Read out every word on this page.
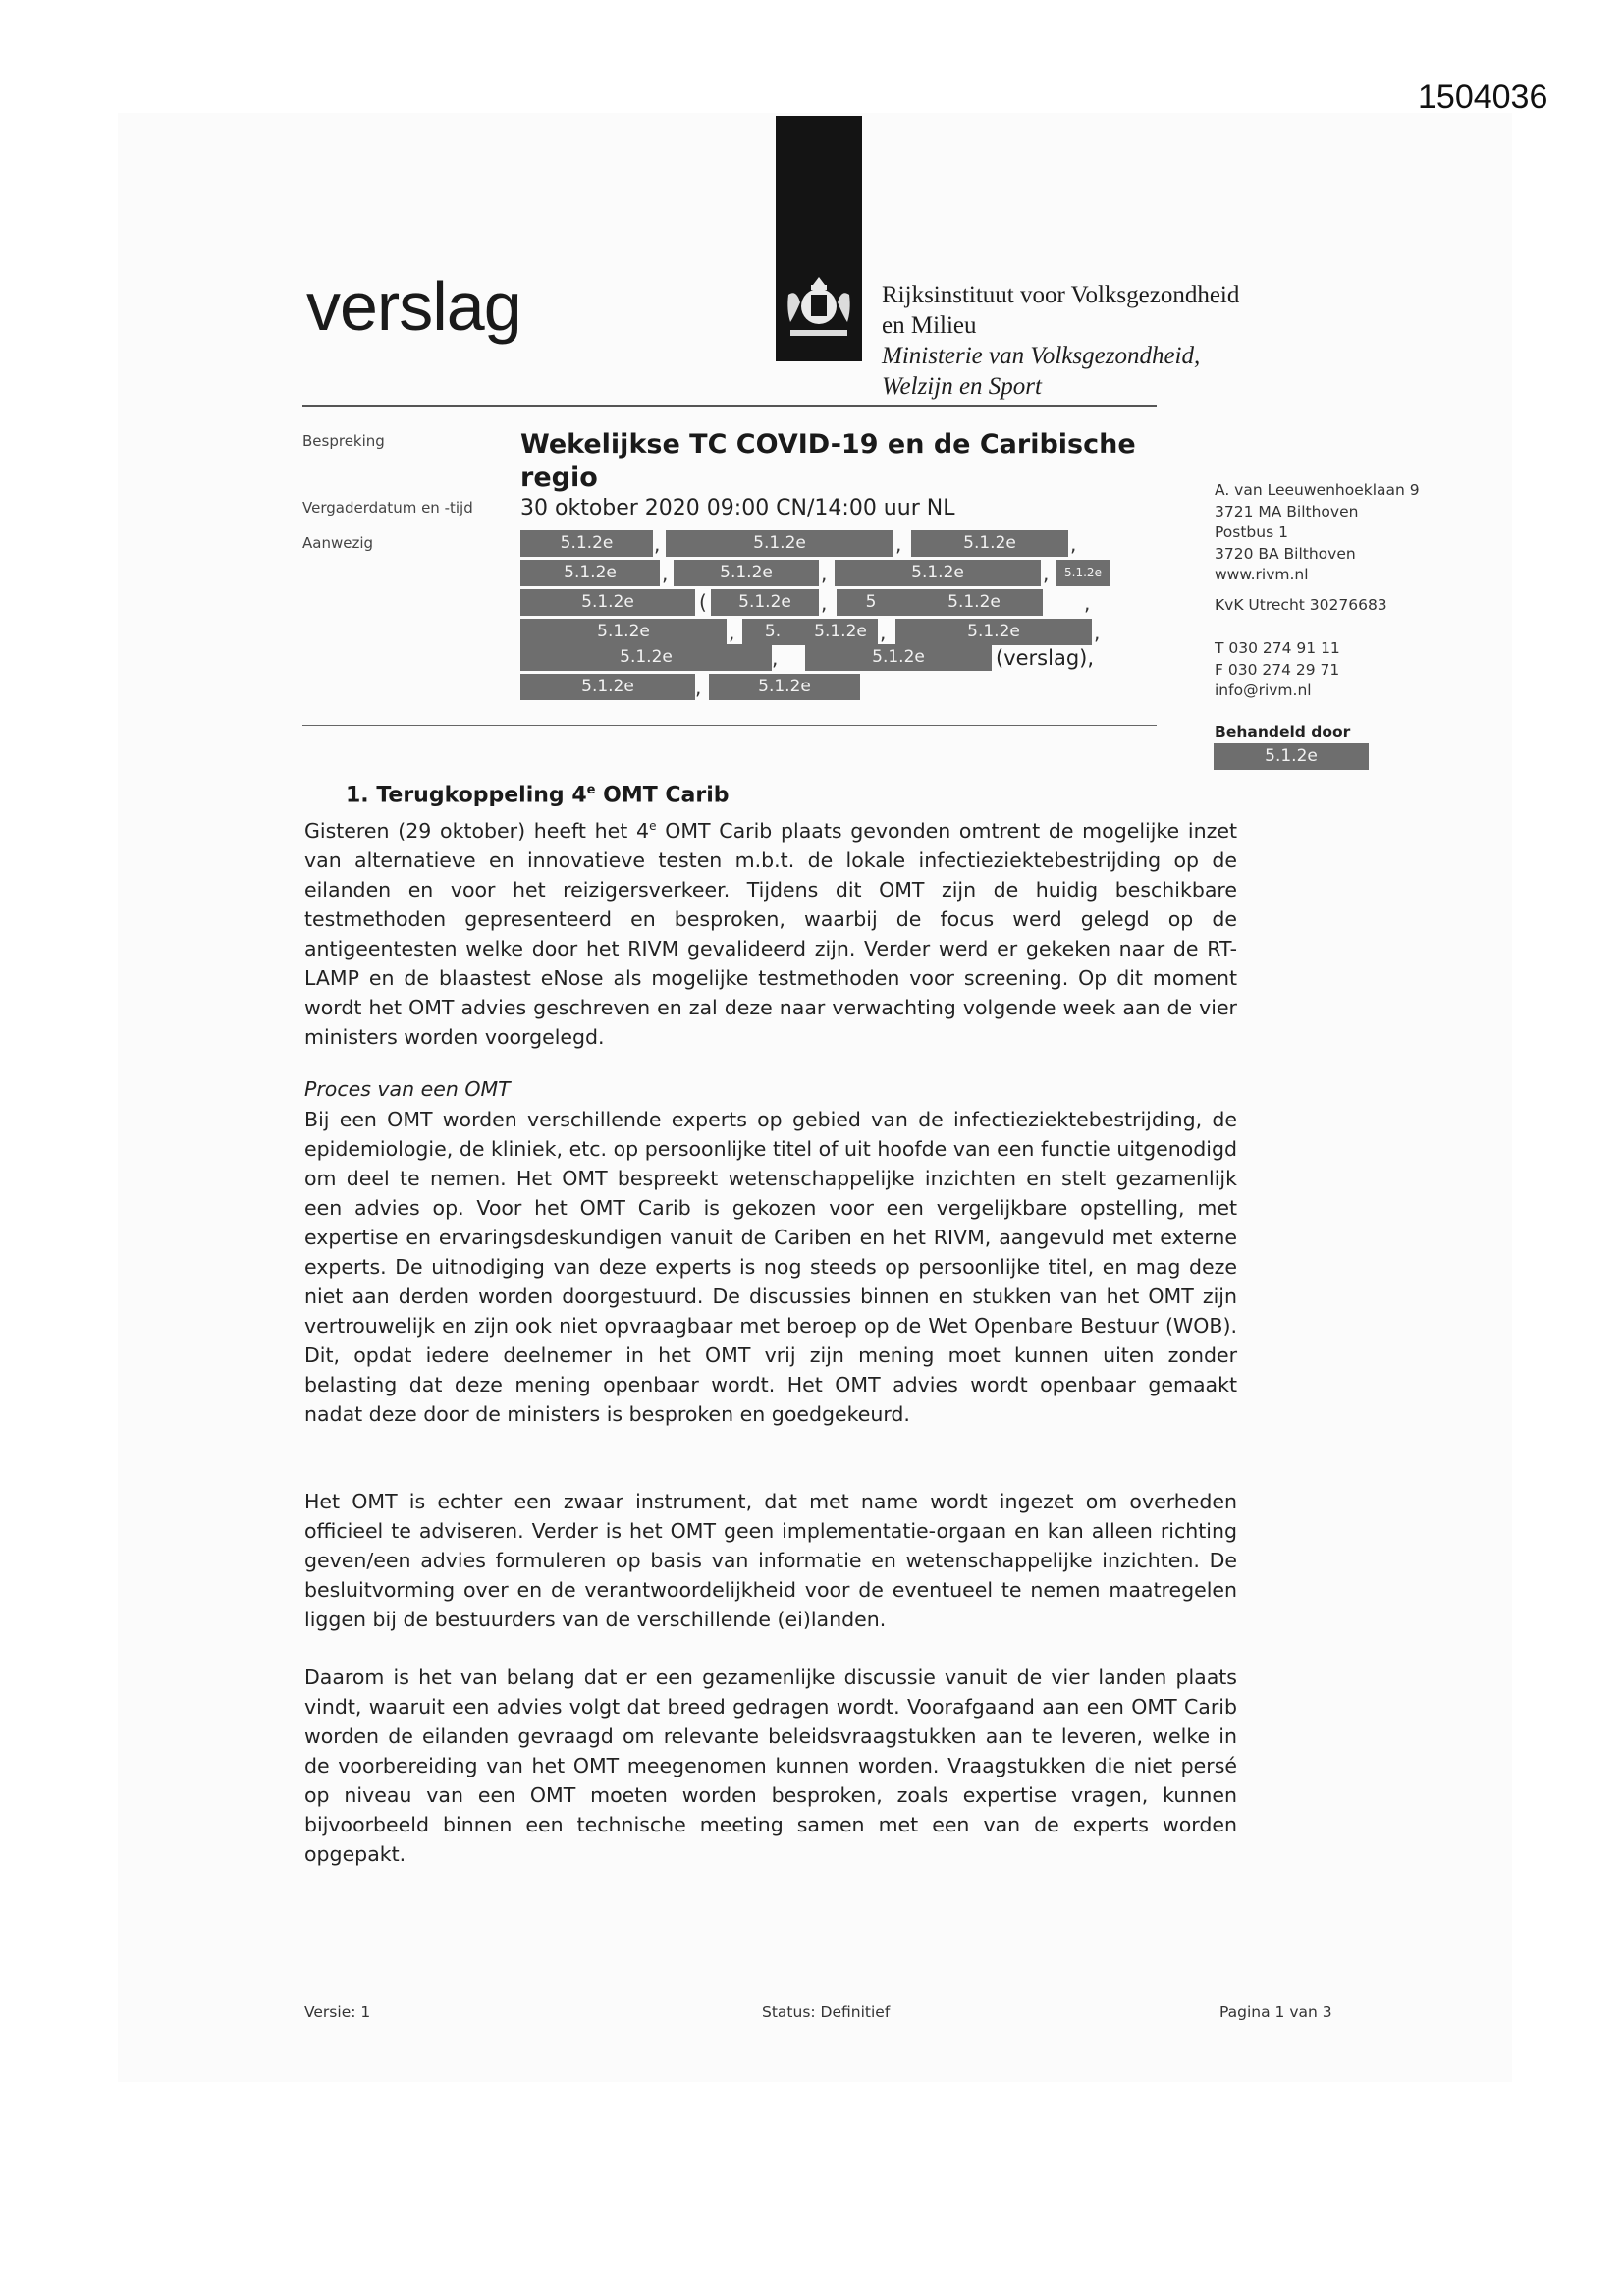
1504036
verslag	Rijksinstituut voor Volksgezondheid
en Milieu
Ministerie van Volksgezondheid,
Welzijn en Sport
Bespreking	Wekelijkse TC COVID-19 en de Caribische regio
Vergaderdatum en -tijd 30 oktober 2020 09:00 CN/14:00 uur NL
Aanwezig	5.1.2e	,	5.1.2e	,	5.1.2e	,
5.1.2e	,	5.1.2e	,	5.1.2e	,	5.1.2e
5.1.2e	(	5.1.2e	,	5	5.1.2e	,
5.1.2e	,	5.	5.1.2e ,	5.1.2e	,
5.1.2e	,	5.1.2e	(verslag),
5.1.2e	,	5.1.2e
A. van Leeuwenhoeklaan 9
3721 MA Bilthoven
Postbus 1
3720 BA Bilthoven
www.rivm.nl
KvK Utrecht 30276683
T 030 274 91 11
F 030 274 29 71
info@rivm.nl
Behandeld door
5.1.2e
1. Terugkoppeling 4e OMT Carib
Gisteren (29 oktober) heeft het 4e OMT Carib plaats gevonden omtrent de mogelijke inzet van alternatieve en innovatieve testen m.b.t. de lokale infectieziektebestrijding op de eilanden en voor het reizigersverkeer. Tijdens dit OMT zijn de huidig beschikbare testmethoden gepresenteerd en besproken, waarbij de focus werd gelegd op de antigeentesten welke door het RIVM gevalideerd zijn. Verder werd er gekeken naar de RT-LAMP en de blaastest eNose als mogelijke testmethoden voor screening. Op dit moment wordt het OMT advies geschreven en zal deze naar verwachting volgende week aan de vier ministers worden voorgelegd.
Proces van een OMT
Bij een OMT worden verschillende experts op gebied van de infectieziektebestrijding, de epidemiologie, de kliniek, etc. op persoonlijke titel of uit hoofde van een functie uitgenodigd om deel te nemen. Het OMT bespreekt wetenschappelijke inzichten en stelt gezamenlijk een advies op. Voor het OMT Carib is gekozen voor een vergelijkbare opstelling, met expertise en ervaringsdeskundigen vanuit de Cariben en het RIVM, aangevuld met externe experts. De uitnodiging van deze experts is nog steeds op persoonlijke titel, en mag deze niet aan derden worden doorgestuurd. De discussies binnen en stukken van het OMT zijn vertrouwelijk en zijn ook niet opvraagbaar met beroep op de Wet Openbare Bestuur (WOB). Dit, opdat iedere deelnemer in het OMT vrij zijn mening moet kunnen uiten zonder belasting dat deze mening openbaar wordt. Het OMT advies wordt openbaar gemaakt nadat deze door de ministers is besproken en goedgekeurd.
Het OMT is echter een zwaar instrument, dat met name wordt ingezet om overheden officieel te adviseren. Verder is het OMT geen implementatie-orgaan en kan alleen richting geven/een advies formuleren op basis van informatie en wetenschappelijke inzichten. De besluitvorming over en de verantwoordelijkheid voor de eventueel te nemen maatregelen liggen bij de bestuurders van de verschillende (ei)landen.
Daarom is het van belang dat er een gezamenlijke discussie vanuit de vier landen plaats vindt, waaruit een advies volgt dat breed gedragen wordt. Voorafgaand aan een OMT Carib worden de eilanden gevraagd om relevante beleidsvraagstukken aan te leveren, welke in de voorbereiding van het OMT meegenomen kunnen worden. Vraagstukken die niet persé op niveau van een OMT moeten worden besproken, zoals expertise vragen, kunnen bijvoorbeeld binnen een technische meeting samen met een van de experts worden opgepakt.
Versie: 1	Status: Definitief	Pagina 1 van 3
